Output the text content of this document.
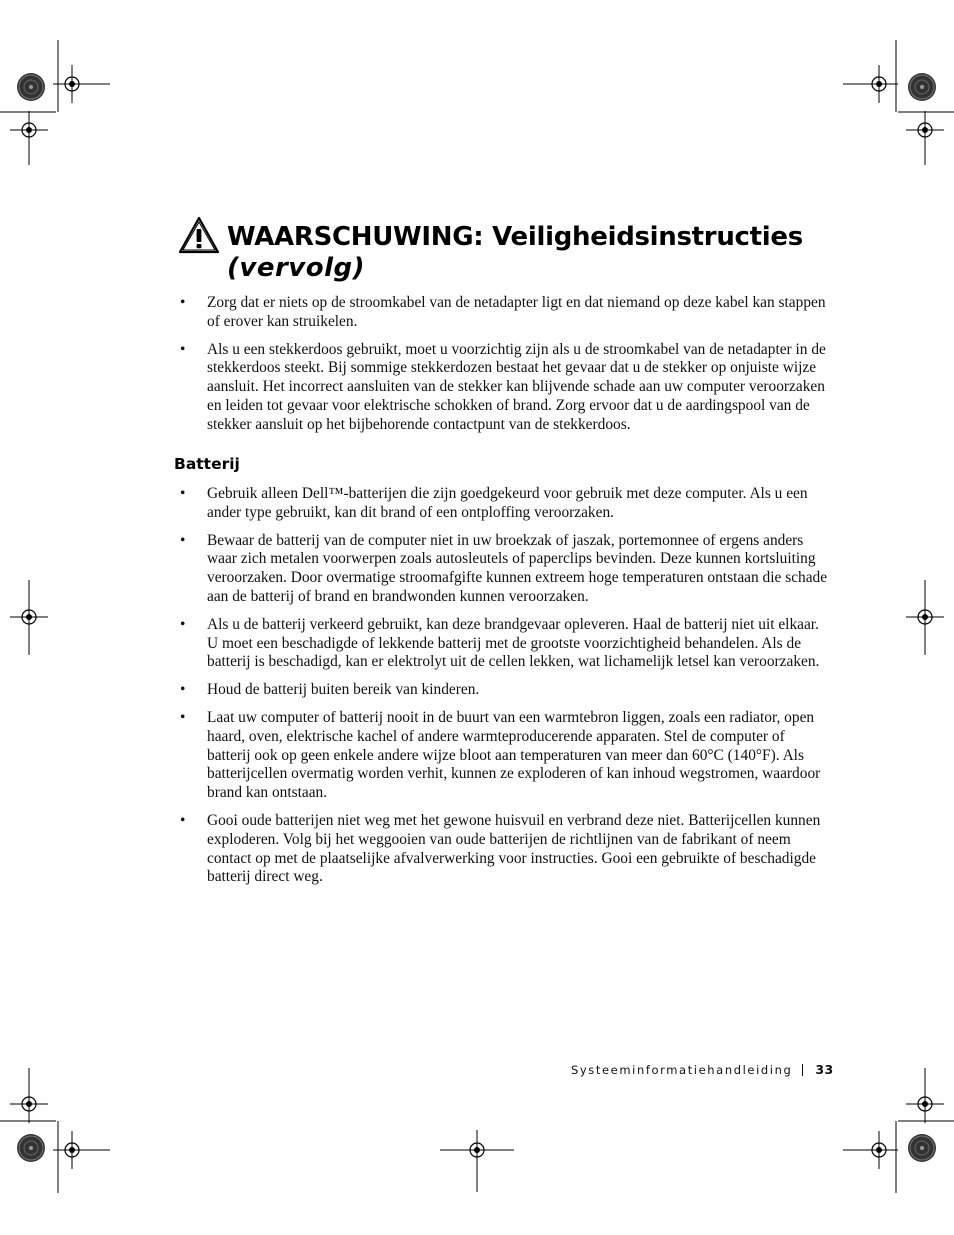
WAARSCHUWING: Veiligheidsinstructies
(vervolg)
• Zorg dat er niets op de stroomkabel van de netadapter ligt en dat niemand op deze kabel kan stappen of erover kan struikelen.
• Als u een stekkerdoos gebruikt, moet u voorzichtig zijn als u de stroomkabel van de netadapter in de stekkerdoos steekt. Bij sommige stekkerdozen bestaat het gevaar dat u de stekker op onjuiste wijze aansluit. Het incorrect aansluiten van de stekker kan blijvende schade aan uw computer veroorzaken en leiden tot gevaar voor elektrische schokken of brand. Zorg ervoor dat u de aardingspool van de stekker aansluit op het bijbehorende contactpunt van de stekkerdoos.
Batterij
• Gebruik alleen Dell™-batterijen die zijn goedgekeurd voor gebruik met deze computer. Als u een ander type gebruikt, kan dit brand of een ontploffing veroorzaken.
• Bewaar de batterij van de computer niet in uw broekzak of jaszak, portemonnee of ergens anders waar zich metalen voorwerpen zoals autosleutels of paperclips bevinden. Deze kunnen kortsluiting veroorzaken. Door overmatige stroomafgifte kunnen extreem hoge temperaturen ontstaan die schade aan de batterij of brand en brandwonden kunnen veroorzaken.
• Als u de batterij verkeerd gebruikt, kan deze brandgevaar opleveren. Haal de batterij niet uit elkaar. U moet een beschadigde of lekkende batterij met de grootste voorzichtigheid behandelen. Als de batterij is beschadigd, kan er elektrolyt uit de cellen lekken, wat lichamelijk letsel kan veroorzaken.
• Houd de batterij buiten bereik van kinderen.
• Laat uw computer of batterij nooit in de buurt van een warmtebron liggen, zoals een radiator, open haard, oven, elektrische kachel of andere warmteproducerende apparaten. Stel de computer of batterij ook op geen enkele andere wijze bloot aan temperaturen van meer dan 60°C (140°F). Als batterijcellen overmatig worden verhit, kunnen ze exploderen of kan inhoud wegstromen, waardoor brand kan ontstaan.
• Gooi oude batterijen niet weg met het gewone huisvuil en verbrand deze niet. Batterijcellen kunnen exploderen. Volg bij het weggooien van oude batterijen de richtlijnen van de fabrikant of neem contact op met de plaatselijke afvalverwerking voor instructies. Gooi een gebruikte of beschadigde batterij direct weg.
Systeeminformatiehandleiding 33
